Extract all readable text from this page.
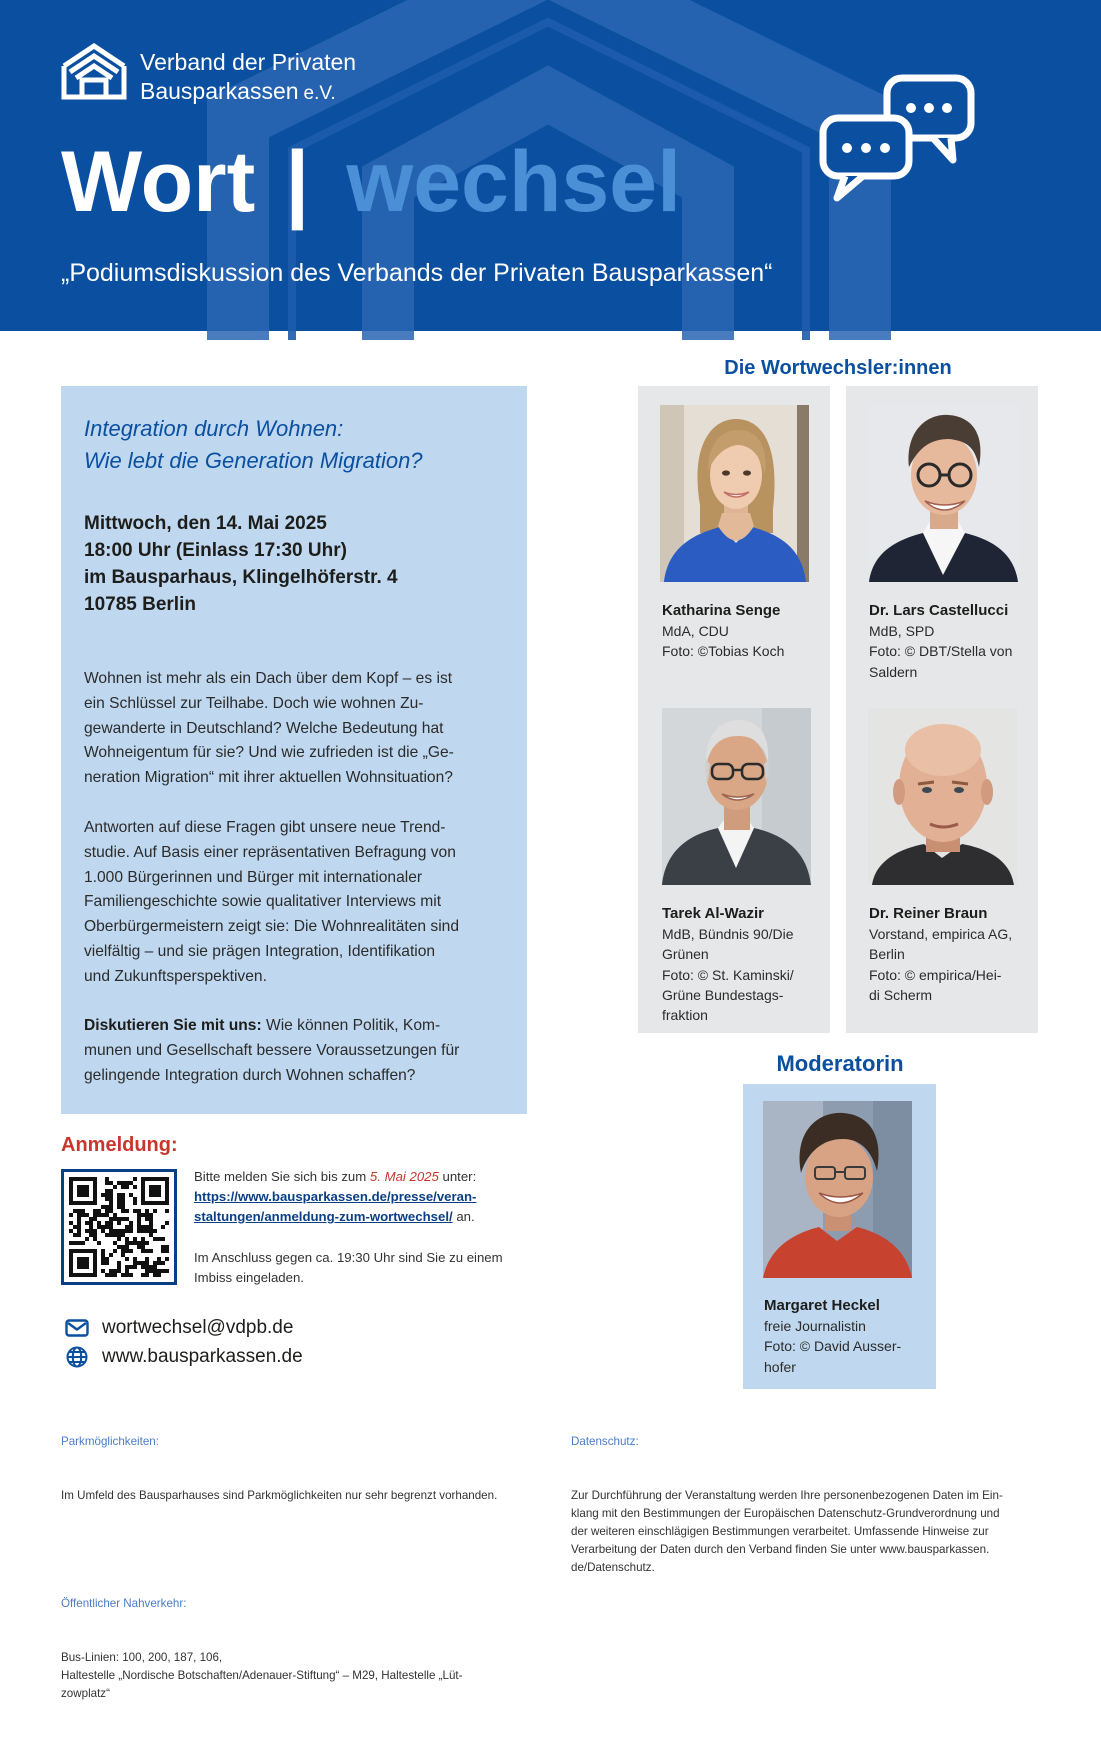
Verband der Privaten
Bausparkassen e.V.
Wort | wechsel
„Podiumsdiskussion des Verbands der Privaten Bausparkassen“
Integration durch Wohnen:
Wie lebt die Generation Migration?
Mittwoch, den 14. Mai 2025
18:00 Uhr (Einlass 17:30 Uhr)
im Bausparhaus, Klingelhöferstr. 4
10785 Berlin
Wohnen ist mehr als ein Dach über dem Kopf – es ist
ein Schlüssel zur Teilhabe. Doch wie wohnen Zu-
gewanderte in Deutschland? Welche Bedeutung hat
Wohneigentum für sie? Und wie zufrieden ist die „Ge-
neration Migration“ mit ihrer aktuellen Wohnsituation?
Antworten auf diese Fragen gibt unsere neue Trend-
studie. Auf Basis einer repräsentativen Befragung von
1.000 Bürgerinnen und Bürger mit internationaler
Familiengeschichte sowie qualitativer Interviews mit
Oberbürgermeistern zeigt sie: Die Wohnrealitäten sind
vielfältig – und sie prägen Integration, Identifikation
und Zukunftsperspektiven.
Diskutieren Sie mit uns: Wie können Politik, Kom-
munen und Gesellschaft bessere Voraussetzungen für
gelingende Integration durch Wohnen schaffen?
Die Wortwechsler:innen
Katharina Senge
MdA, CDU
Foto: ©Tobias Koch
Tarek Al-Wazir
MdB, Bündnis 90/Die
Grünen
Foto: © St. Kaminski/
Grüne Bundestags-
fraktion
Dr. Lars Castellucci
MdB, SPD
Foto: © DBT/Stella von
Saldern
Dr. Reiner Braun
Vorstand, empirica AG,
Berlin
Foto: © empirica/Hei-
di Scherm
Moderatorin
Margaret Heckel
freie Journalistin
Foto: © David Ausser-
hofer
Anmeldung:
Bitte melden Sie sich bis zum 5. Mai 2025 unter:
https://www.bausparkassen.de/presse/veran-
staltungen/anmeldung-zum-wortwechsel/ an.
Im Anschluss gegen ca. 19:30 Uhr sind Sie zu einem
Imbiss eingeladen.
wortwechsel@vdpb.de
www.bausparkassen.de

Parkmöglichkeiten:

Im Umfeld des Bausparhauses sind Parkmöglichkeiten nur sehr begrenzt vorhanden.

Öffentlicher Nahverkehr:

Bus-Linien: 100, 200, 187, 106,
Haltestelle „Nordische Botschaften/Adenauer-Stiftung“ – M29, Haltestelle „Lüt-
zowplatz“

Datenschutz:

Zur Durchführung der Veranstaltung werden Ihre personenbezogenen Daten im Ein-
klang mit den Bestimmungen der Europäischen Datenschutz-Grundverordnung und
der weiteren einschlägigen Bestimmungen verarbeitet. Umfassende Hinweise zur
Verarbeitung der Daten durch den Verband finden Sie unter www.bausparkassen.
de/Datenschutz.
